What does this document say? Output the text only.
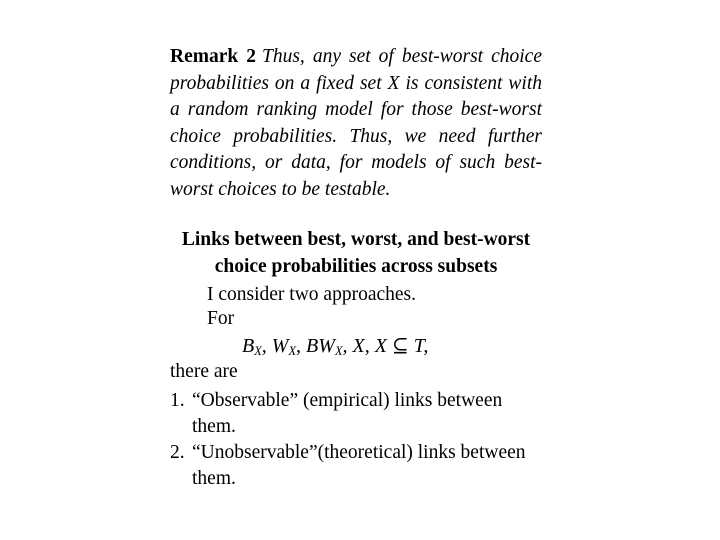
Remark 2 Thus, any set of best-worst choice probabilities on a fixed set X is consistent with a random ranking model for those best-worst choice probabilities. Thus, we need further conditions, or data, for models of such best-worst choices to be testable.
Links between best, worst, and best-worst
choice probabilities across subsets
I consider two approaches.
For
$B_X$, $W_X$, $BW_X$, X, X ⊆ T,
there are
1. “Observable” (empirical) links between them.
2. “Unobservable”(theoretical) links between them.
